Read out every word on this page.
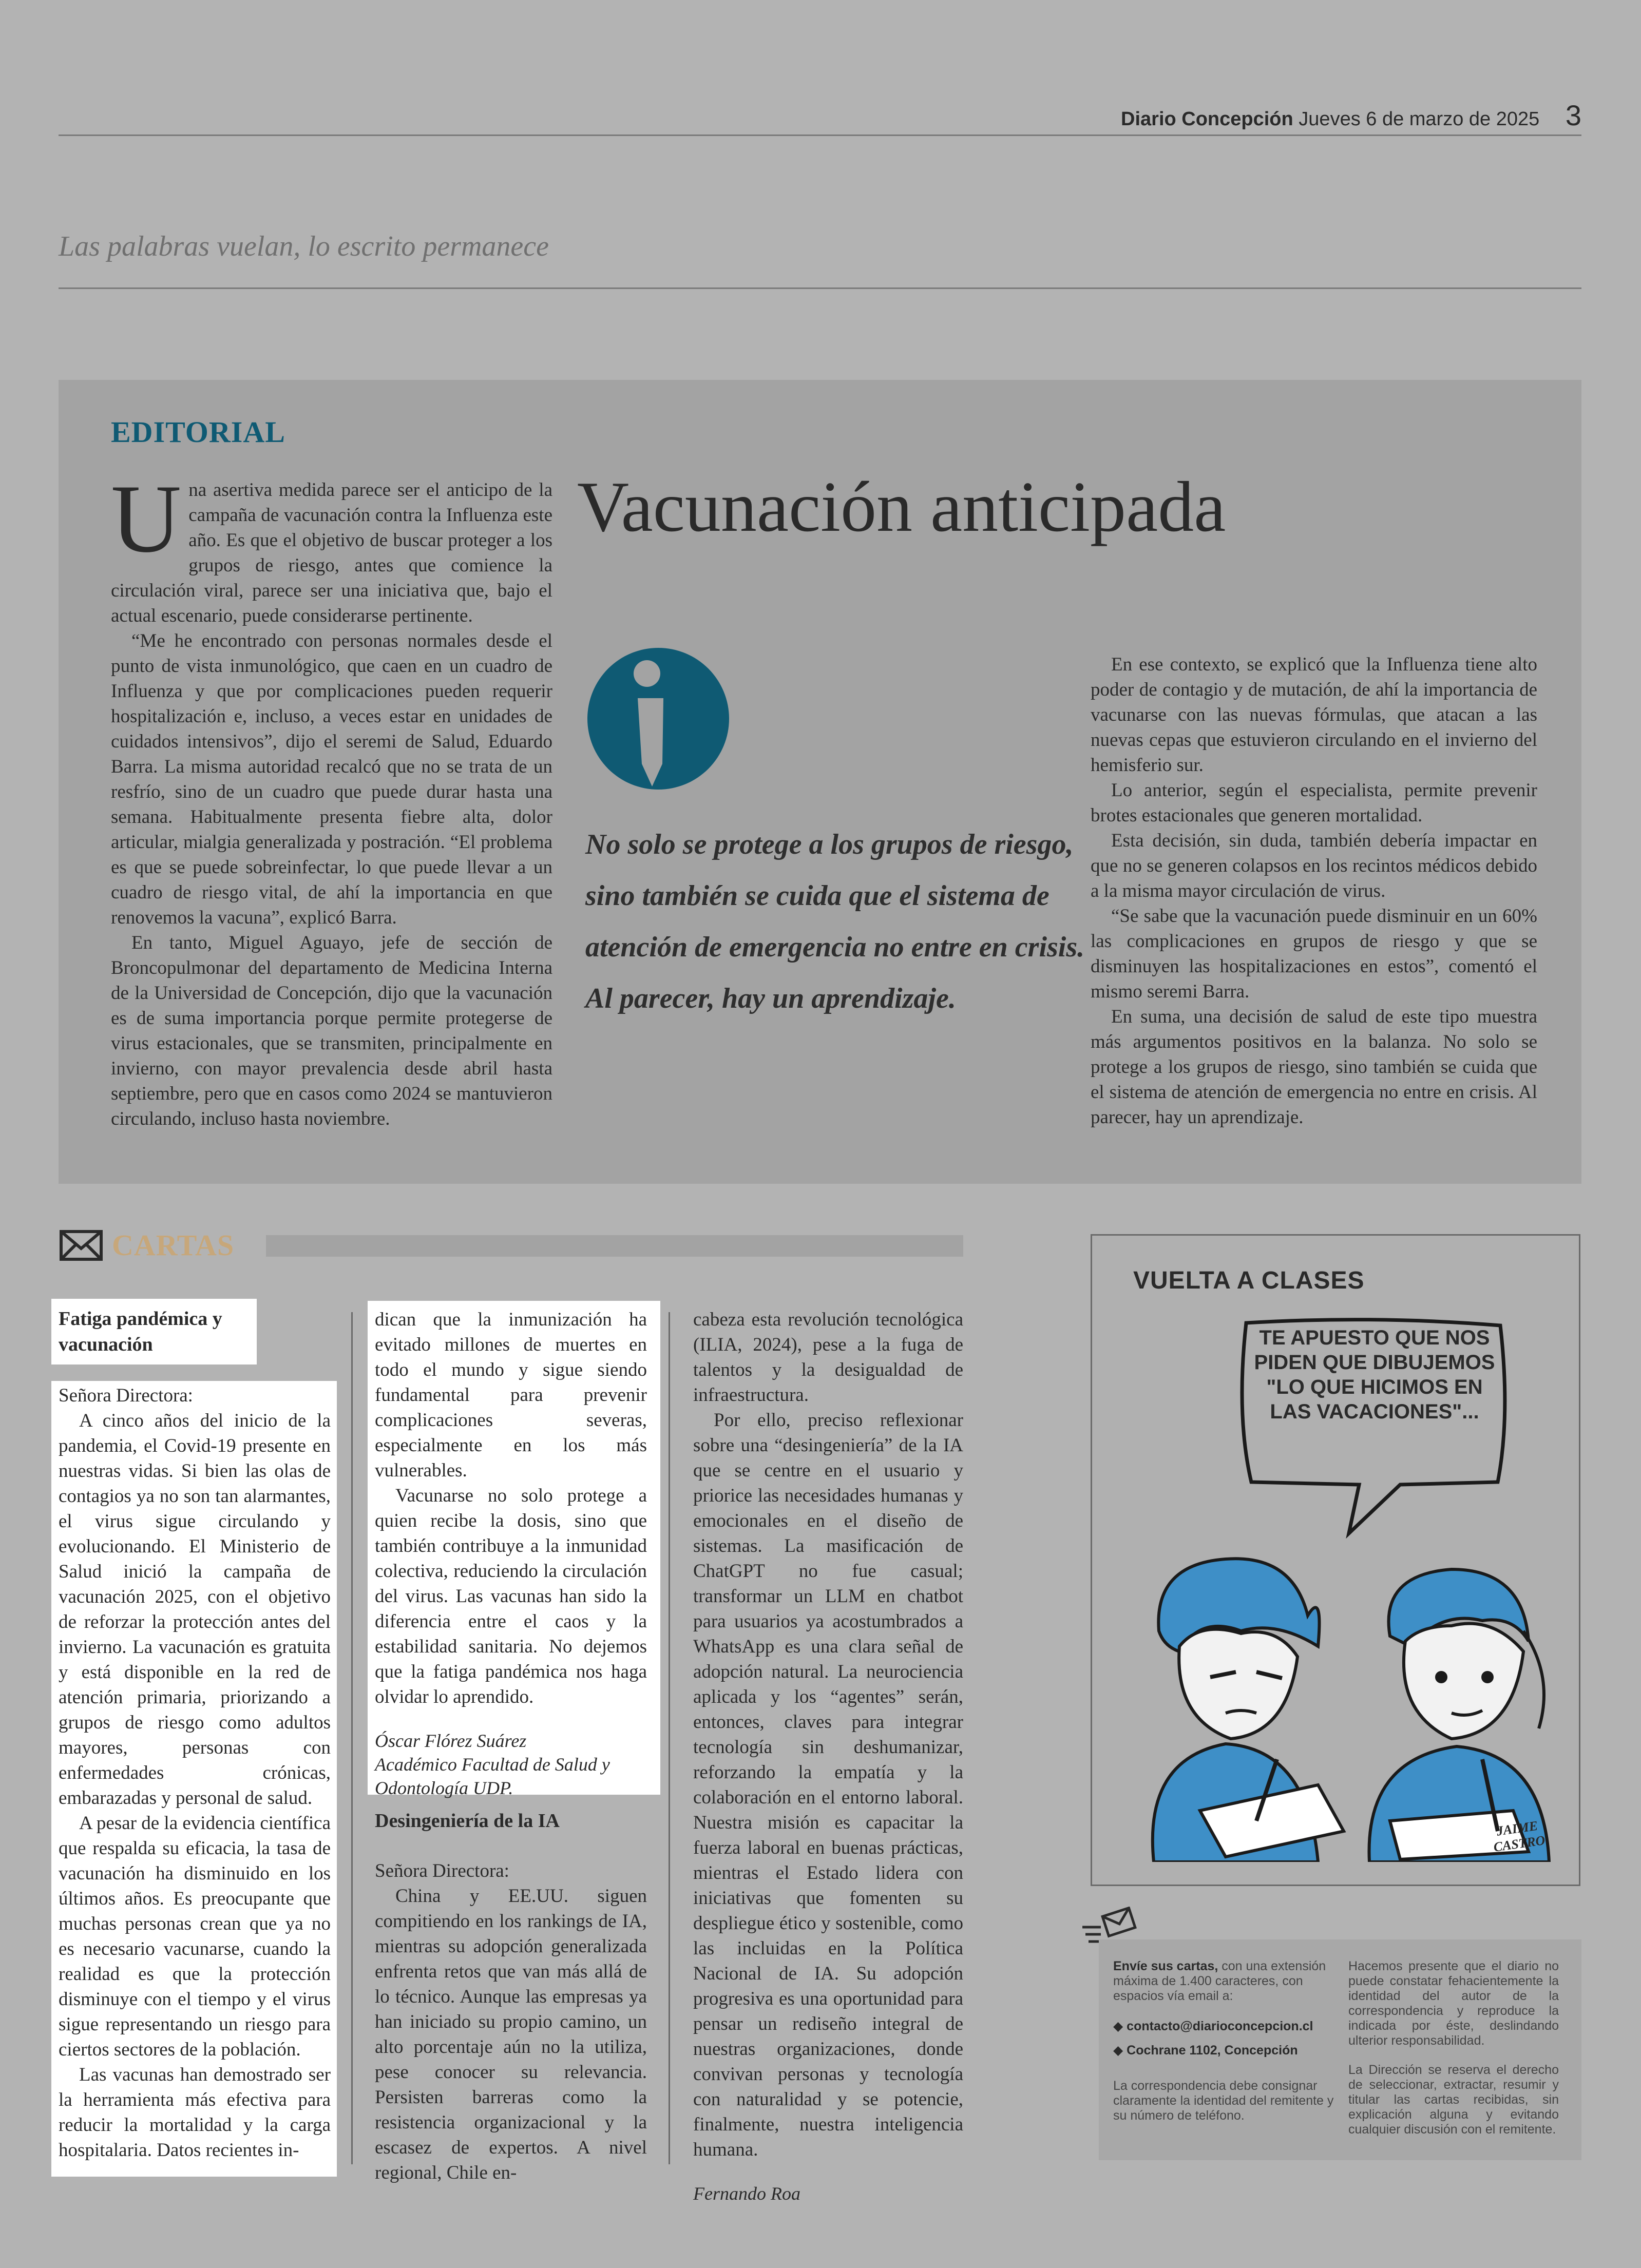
Diario Concepción Jueves 6 de marzo de 2025 3
Las palabras vuelan, lo escrito permanece
EDITORIAL
Vacunación anticipada

Una asertiva medida parece ser el anticipo de la campaña de vacunación contra la Influenza este año. Es que el objetivo de buscar proteger a los grupos de riesgo, antes que comience la circulación viral, parece ser una iniciativa que, bajo el actual escenario, puede considerarse pertinente.

“Me he encontrado con personas normales desde el punto de vista inmunológico, que caen en un cuadro de Influenza y que por complicaciones pueden requerir hospitalización e, incluso, a veces estar en unidades de cuidados intensivos”, dijo el seremi de Salud, Eduardo Barra. La misma autoridad recalcó que no se trata de un resfrío, sino de un cuadro que puede durar hasta una semana. Habitualmente presenta fiebre alta, dolor articular, mialgia generalizada y postración. “El problema es que se puede sobreinfectar, lo que puede llevar a un cuadro de riesgo vital, de ahí la importancia en que renovemos la vacuna”, explicó Barra.

En tanto, Miguel Aguayo, jefe de sección de Broncopulmonar del departamento de Medicina Interna de la Universidad de Concepción, dijo que la vacunación es de suma importancia porque permite protegerse de virus estacionales, que se transmiten, principalmente en invierno, con mayor prevalencia desde abril hasta septiembre, pero que en casos como 2024 se mantuvieron circulando, incluso hasta noviembre.

No solo se protege a los grupos de riesgo, sino también se cuida que el sistema de atención de emergencia no entre en crisis. Al parecer, hay un aprendizaje.

En ese contexto, se explicó que la Influenza tiene alto poder de contagio y de mutación, de ahí la importancia de vacunarse con las nuevas fórmulas, que atacan a las nuevas cepas que estuvieron circulando en el invierno del hemisferio sur.

Lo anterior, según el especialista, permite prevenir brotes estacionales que generen mortalidad.

Esta decisión, sin duda, también debería impactar en que no se generen colapsos en los recintos médicos debido a la misma mayor circulación de virus.

“Se sabe que la vacunación puede disminuir en un 60% las complicaciones en grupos de riesgo y que se disminuyen las hospitalizaciones en estos”, comentó el mismo seremi Barra.

En suma, una decisión de salud de este tipo muestra más argumentos positivos en la balanza. No solo se protege a los grupos de riesgo, sino también se cuida que el sistema de atención de emergencia no entre en crisis. Al parecer, hay un aprendizaje.

CARTAS
Fatiga pandémica y vacunación

Señora Directora:

A cinco años del inicio de la pandemia, el Covid-19 presente en nuestras vidas. Si bien las olas de contagios ya no son tan alarmantes, el virus sigue circulando y evolucionando. El Ministerio de Salud inició la campaña de vacunación 2025, con el objetivo de reforzar la protección antes del invierno. La vacunación es gratuita y está disponible en la red de atención primaria, priorizando a grupos de riesgo como adultos mayores, personas con enfermedades crónicas, embarazadas y personal de salud.

A pesar de la evidencia científica que respalda su eficacia, la tasa de vacunación ha disminuido en los últimos años. Es preocupante que muchas personas crean que ya no es necesario vacunarse, cuando la realidad es que la protección disminuye con el tiempo y el virus sigue representando un riesgo para ciertos sectores de la población.

Las vacunas han demostrado ser la herramienta más efectiva para reducir la mortalidad y la carga hospitalaria. Datos recientes in-

dican que la inmunización ha evitado millones de muertes en todo el mundo y sigue siendo fundamental para prevenir complicaciones severas, especialmente en los más vulnerables.

Vacunarse no solo protege a quien recibe la dosis, sino que también contribuye a la inmunidad colectiva, reduciendo la circulación del virus. Las vacunas han sido la diferencia entre el caos y la estabilidad sanitaria. No dejemos que la fatiga pandémica nos haga olvidar lo aprendido.

Óscar Flórez Suárez
Académico Facultad de Salud y
Odontología UDP.
Desingeniería de la IA

Señora Directora:

China y EE.UU. siguen compitiendo en los rankings de IA, mientras su adopción generalizada enfrenta retos que van más allá de lo técnico. Aunque las empresas ya han iniciado su propio camino, un alto porcentaje aún no la utiliza, pese conocer su relevancia. Persisten barreras como la resistencia organizacional y la escasez de expertos. A nivel regional, Chile en-

cabeza esta revolución tecnológica (ILIA, 2024), pese a la fuga de talentos y la desigualdad de infraestructura.

Por ello, preciso reflexionar sobre una “desingeniería” de la IA que se centre en el usuario y priorice las necesidades humanas y emocionales en el diseño de sistemas. La masificación de ChatGPT no fue casual; transformar un LLM en chatbot para usuarios ya acostumbrados a WhatsApp es una clara señal de adopción natural. La neurociencia aplicada y los “agentes” serán, entonces, claves para integrar tecnología sin deshumanizar, reforzando la empatía y la colaboración en el entorno laboral. Nuestra misión es capacitar la fuerza laboral en buenas prácticas, mientras el Estado lidera con iniciativas que fomenten su despliegue ético y sostenible, como las incluidas en la Política Nacional de IA. Su adopción progresiva es una oportunidad para pensar un rediseño integral de nuestras organizaciones, donde convivan personas y tecnología con naturalidad y se potencie, finalmente, nuestra inteligencia humana.

Fernando Roa
VUELTA A CLASES
TE APUESTO QUE NOS PIDEN QUE DIBUJEMOS "LO QUE HICIMOS EN LAS VACACIONES"...
JAIME CASTRO
Envíe sus cartas, con una extensión máxima de 1.400 caracteres, con espacios vía email a:
◆ contacto@diarioconcepcion.cl
◆ Cochrane 1102, Concepción
La correspondencia debe consignar claramente la identidad del remitente y su número de teléfono.
Hacemos presente que el diario no puede constatar fehacientemente la identidad del autor de la correspondencia y reproduce la indicada por éste, deslindando ulterior responsabilidad.
La Dirección se reserva el derecho de seleccionar, extractar, resumir y titular las cartas recibidas, sin explicación alguna y evitando cualquier discusión con el remitente.
